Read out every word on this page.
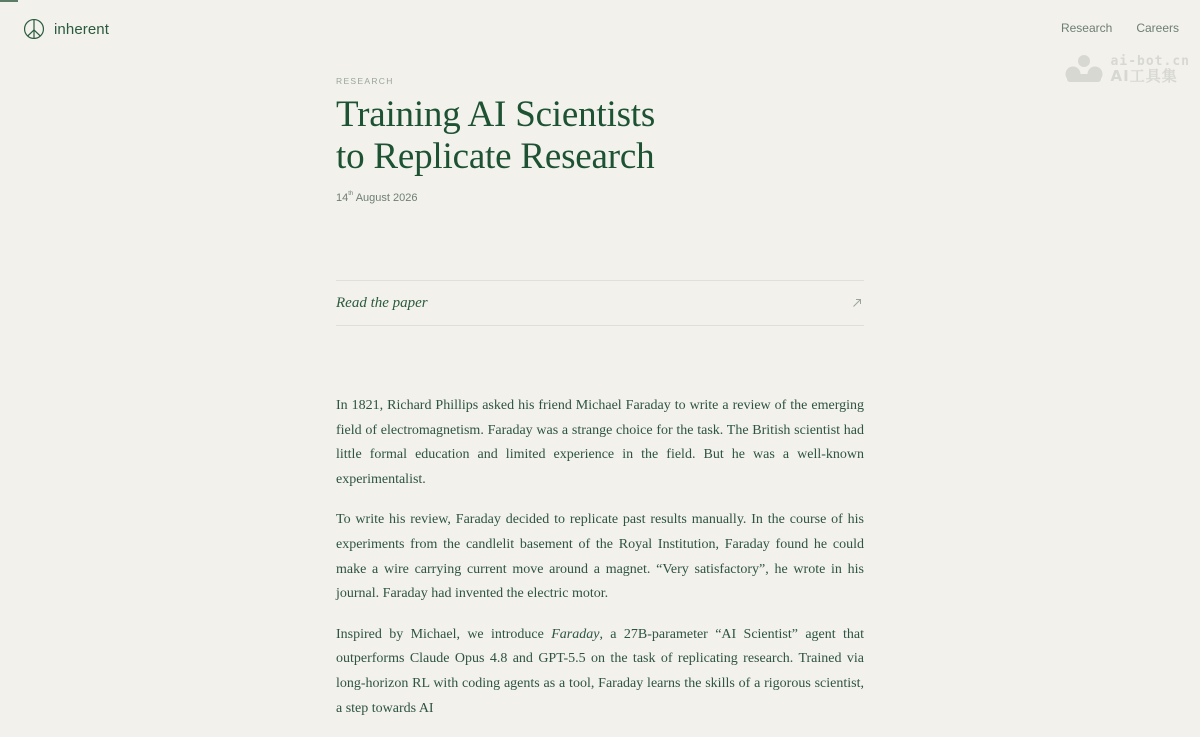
inherent	Research Careers
ai-bot.cn
AI工具集

RESEARCH

Training AI Scientists
to Replicate Research
14th August 2026
Read the paper

In 1821, Richard Phillips asked his friend Michael Faraday to write a review of the emerging field of electromagnetism. Faraday was a strange choice for the task. The British scientist had little formal education and limited experience in the field. But he was a well-known experimentalist.

To write his review, Faraday decided to replicate past results manually. In the course of his experiments from the candlelit basement of the Royal Institution, Faraday found he could make a wire carrying current move around a magnet. “Very satisfactory”, he wrote in his journal. Faraday had invented the electric motor.

Inspired by Michael, we introduce Faraday, a 27B-parameter “AI Scientist” agent that outperforms Claude Opus 4.8 and GPT-5.5 on the task of replicating research. Trained via long-horizon RL with coding agents as a tool, Faraday learns the skills of a rigorous scientist, a step towards AI
